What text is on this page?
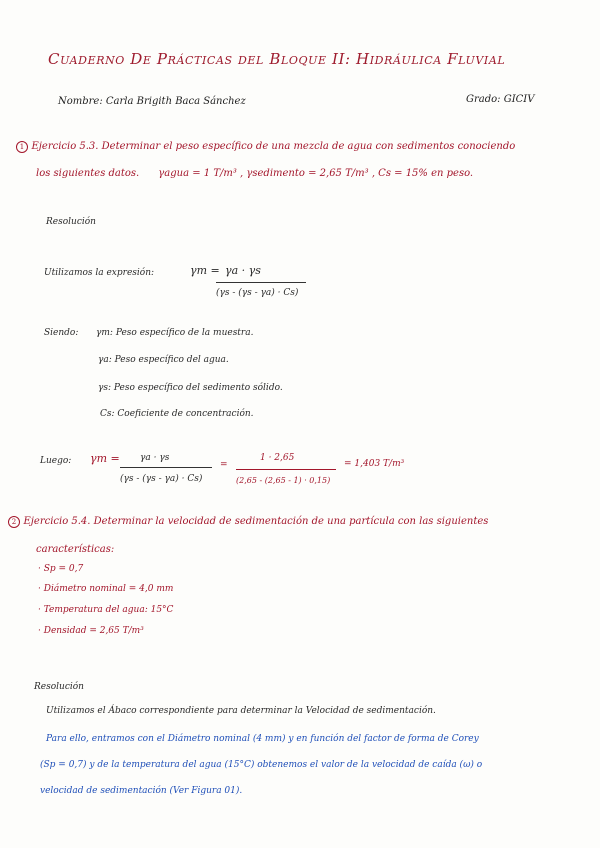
Cuaderno De Prácticas del Bloque II: Hidráulica Fluvial
Nombre: Carla Brigith Baca Sánchez	Grado: GICIV
1 Ejercicio 5.3. Determinar el peso específico de una mezcla de agua con sedimentos conociendo
los siguientes datos. γagua = 1 T/m³ , γsedimento = 2,65 T/m³ , Cs = 15% en peso.
Resolución
Utilizamos la expresión:	γm = γa · γs
(γs - (γs - γa) · Cs)
Siendo: γm: Peso específico de la muestra.
γa: Peso específico del agua.
γs: Peso específico del sedimento sólido.
Cs: Coeficiente de concentración.
Luego: γm = γa · γs
(γs - (γs - γa) · Cs)
=
1 · 2,65
(2,65 - (2,65 - 1) · 0,15)
= 1,403 T/m³
2 Ejercicio 5.4. Determinar la velocidad de sedimentación de una partícula con las siguientes
características:
· Sp = 0,7
· Diámetro nominal = 4,0 mm
· Temperatura del agua: 15°C
· Densidad = 2,65 T/m³
Resolución
Utilizamos el Ábaco correspondiente para determinar la Velocidad de sedimentación.
Para ello, entramos con el Diámetro nominal (4 mm) y en función del factor de forma de Corey
(Sp = 0,7) y de la temperatura del agua (15°C) obtenemos el valor de la velocidad de caída (ω) o
velocidad de sedimentación (Ver Figura 01).
